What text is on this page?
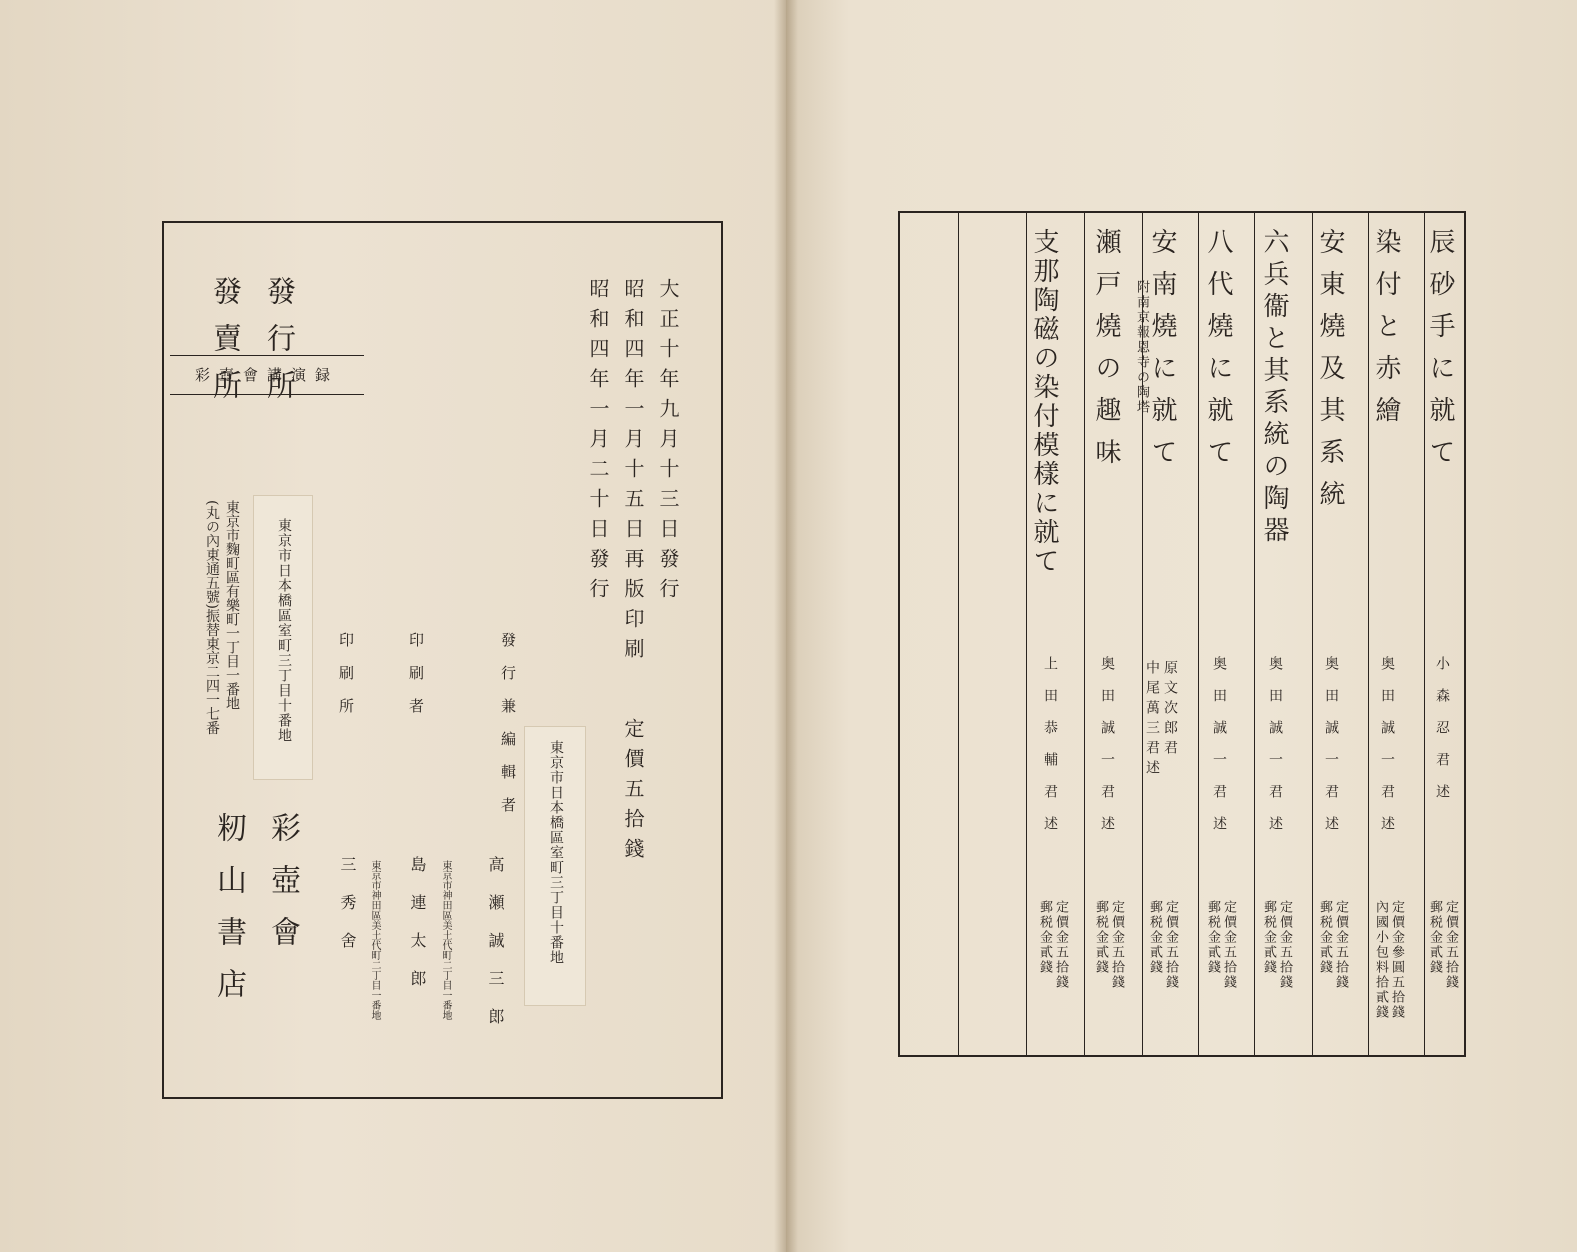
大正十年九月十三日發行
昭和四年一月十五日再版印刷
昭和四年一月二十日發行
定價五拾錢
彩壺會講演録
東京市日本橋區室町三丁目十番地
東京市日本橋區室町三丁目十番地	發行兼編輯者
高瀬誠三郎
印刷者
東京市神田區美土代町二丁目一番地
島連太郎
印刷所
東京市神田區美土代町二丁目一番地
三秀舍
發行所
彩壺會
發賣所
東京市麴町區有樂町一丁目一番地
(丸の內東通五號)振替東京二四一七番
籾山書店
辰砂手に就て
小森忍君述
定價金五拾錢
郵税金貳錢
染付と赤繪
奥田誠一君述
定價金參圓五拾錢
內國小包料拾貳錢
安東燒及其系統
奥田誠一君述
定價金五拾錢
郵税金貳錢
六兵衞と其系統の陶器
奥田誠一君述
定價金五拾錢
郵税金貳錢
八代燒に就て
奥田誠一君述
定價金五拾錢
郵税金貳錢
安南燒に就て
附南京報恩寺の陶塔
原文次郎君
中尾萬三君述
定價金五拾錢
郵税金貳錢
瀬戸燒の趣味
奥田誠一君述
定價金五拾錢
郵税金貳錢
支那陶磁の染付模樣に就て
上田恭輔君述
定價金五拾錢
郵税金貳錢
